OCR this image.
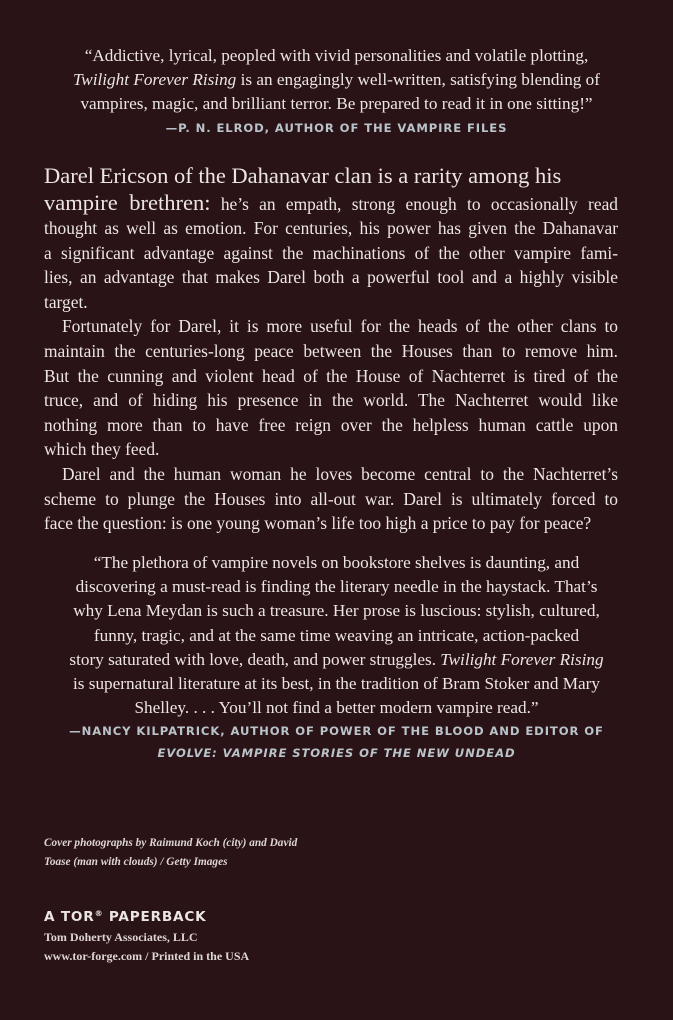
“Addictive, lyrical, peopled with vivid personalities and volatile plotting,
Twilight Forever Rising is an engagingly well-written, satisfying blending of
vampires, magic, and brilliant terror. Be prepared to read it in one sitting!”
—P. N. ELROD, AUTHOR OF THE VAMPIRE FILES
Darel Ericson of the Dahanavar clan is a rarity among his
vampire brethren: he’s an empath, strong enough to occasionally read
thought as well as emotion. For centuries, his power has given the Dahanavar
a significant advantage against the machinations of the other vampire fami-
lies, an advantage that makes Darel both a powerful tool and a highly visible
target.
Fortunately for Darel, it is more useful for the heads of the other clans to
maintain the centuries-long peace between the Houses than to remove him.
But the cunning and violent head of the House of Nachterret is tired of the
truce, and of hiding his presence in the world. The Nachterret would like
nothing more than to have free reign over the helpless human cattle upon
which they feed.
Darel and the human woman he loves become central to the Nachterret’s
scheme to plunge the Houses into all-out war. Darel is ultimately forced to
face the question: is one young woman’s life too high a price to pay for peace?
“The plethora of vampire novels on bookstore shelves is daunting, and
discovering a must-read is finding the literary needle in the haystack. That’s
why Lena Meydan is such a treasure. Her prose is luscious: stylish, cultured,
funny, tragic, and at the same time weaving an intricate, action-packed
story saturated with love, death, and power struggles. Twilight Forever Rising
is supernatural literature at its best, in the tradition of Bram Stoker and Mary
Shelley. . . . You’ll not find a better modern vampire read.”
—NANCY KILPATRICK, AUTHOR OF POWER OF THE BLOOD AND EDITOR OF
EVOLVE: VAMPIRE STORIES OF THE NEW UNDEAD
Cover photographs by Raimund Koch (city) and David
Toase (man with clouds) / Getty Images
A TOR® PAPERBACK
Tom Doherty Associates, LLC
www.tor-forge.com / Printed in the USA
